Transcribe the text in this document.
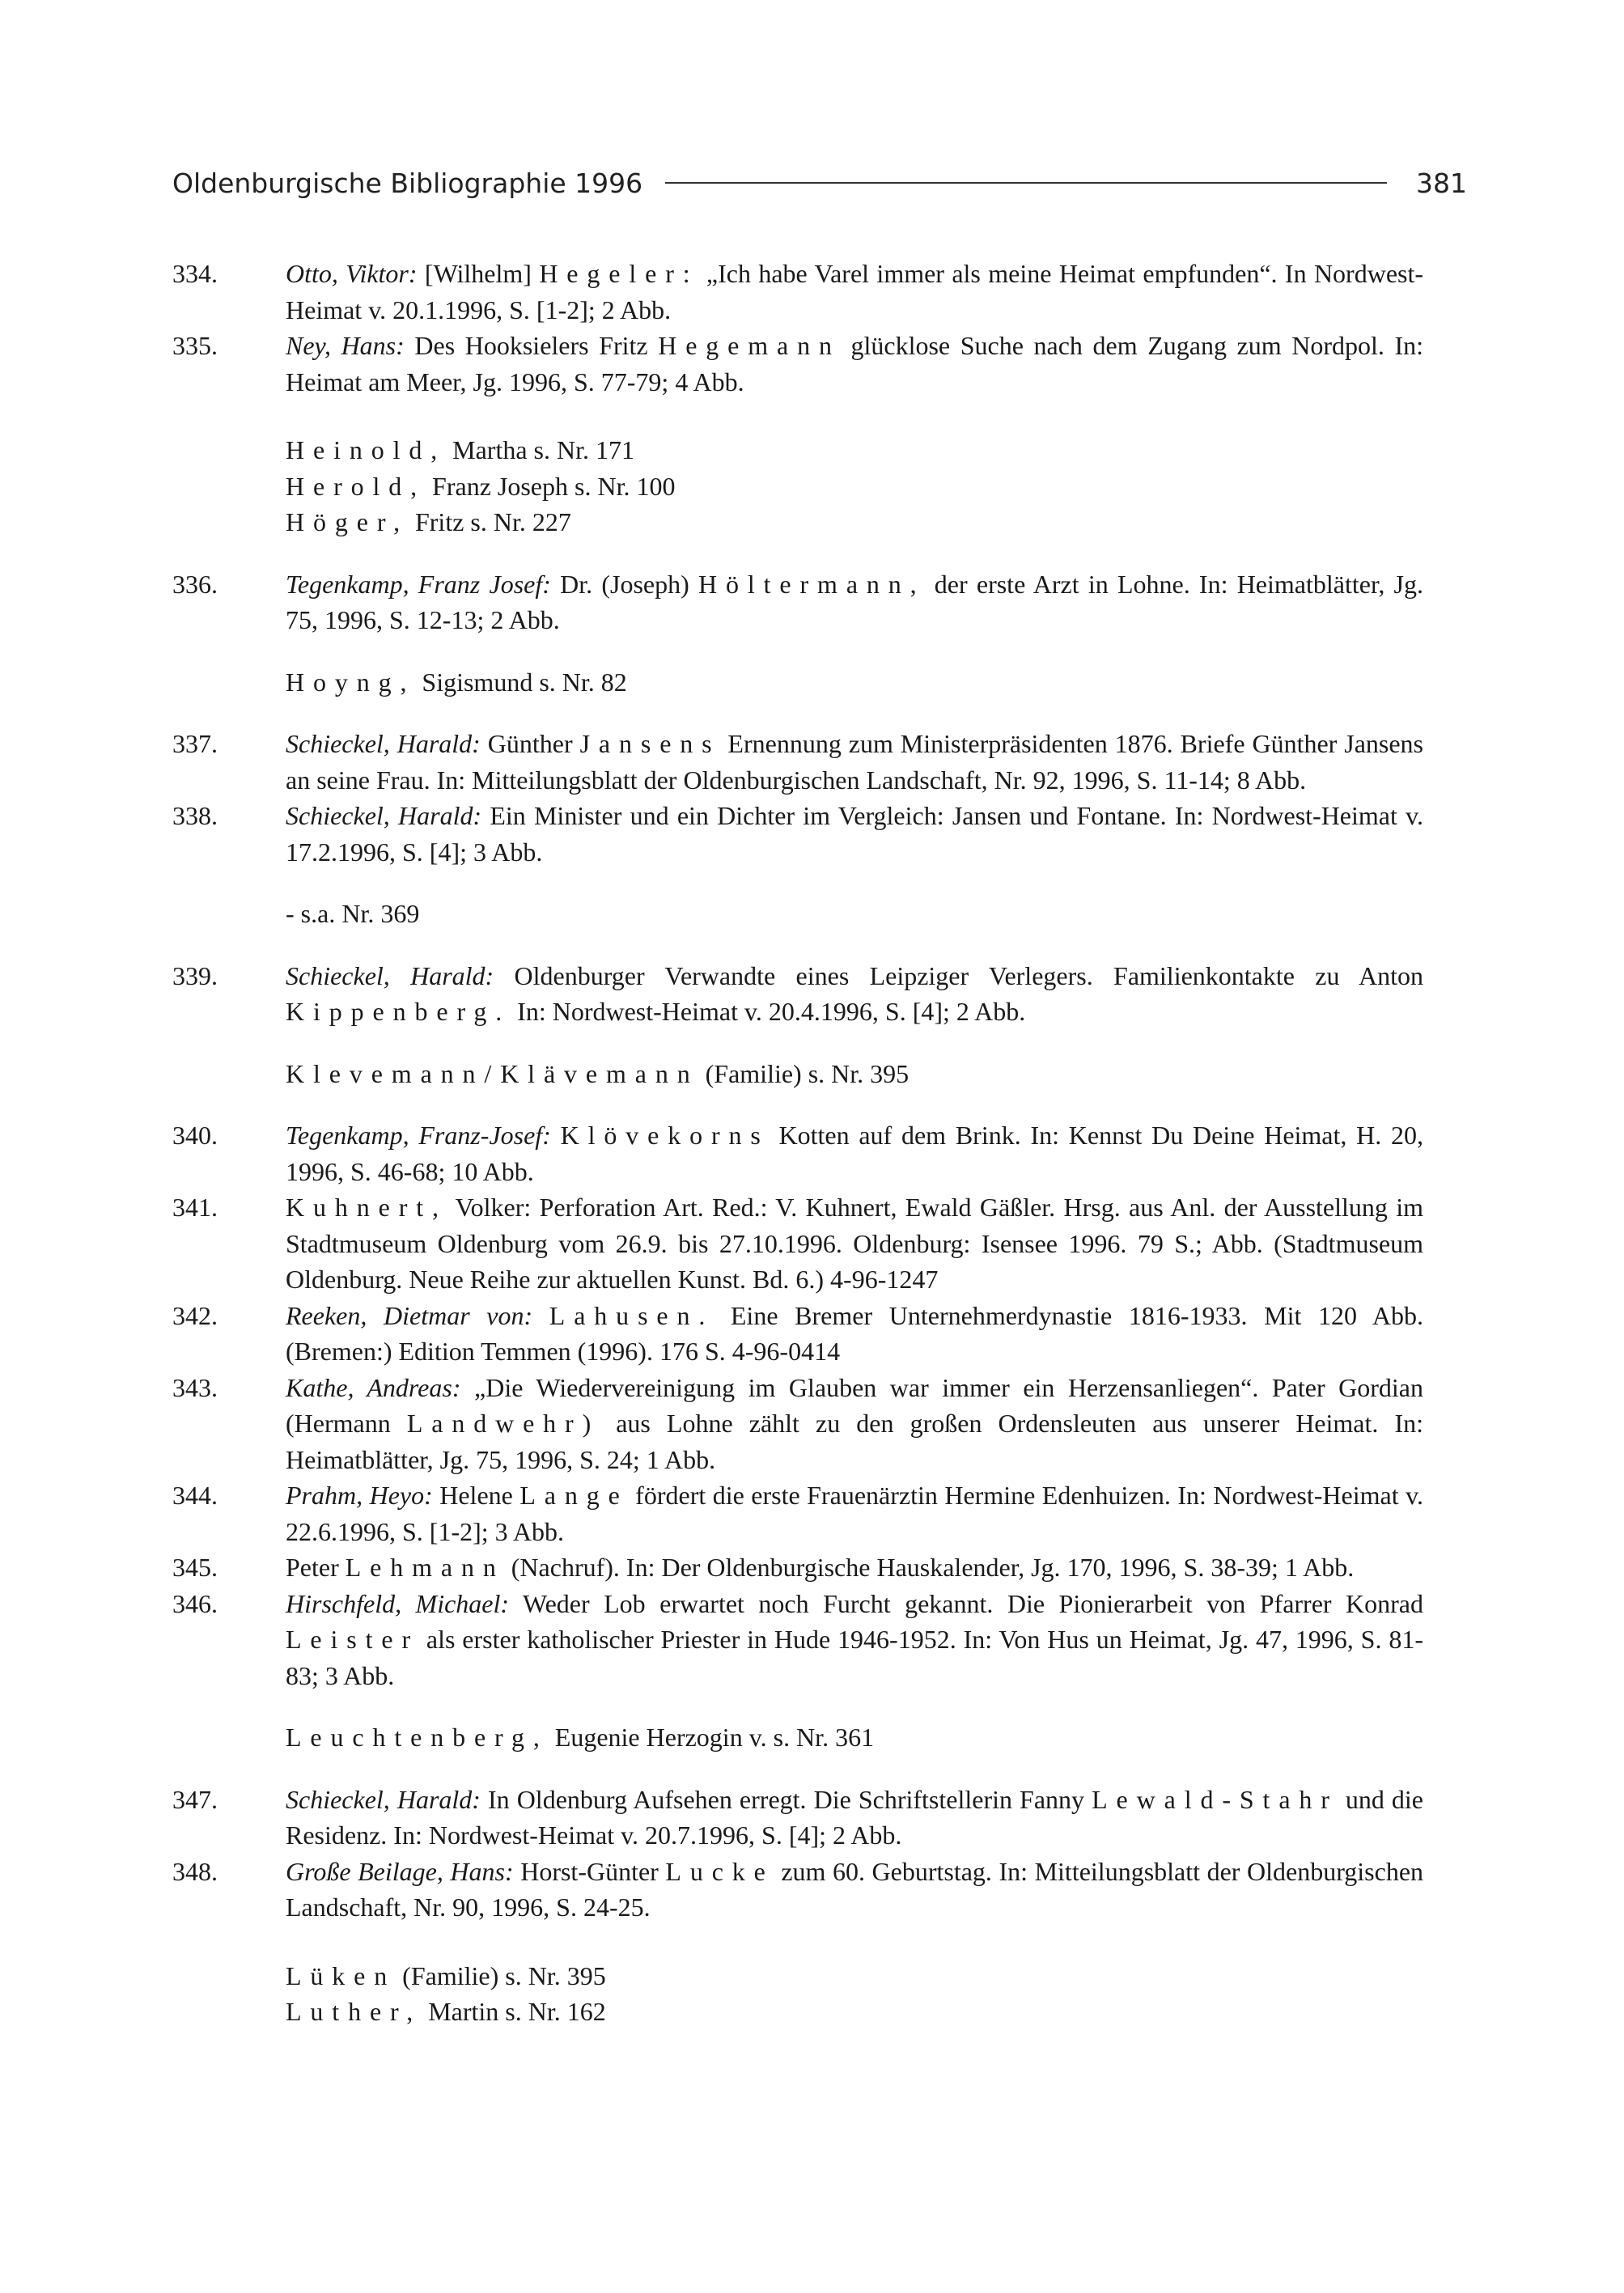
Oldenburgische Bibliographie 1996	381

334.	Otto, Viktor: [Wilhelm] Hegeler: „Ich habe Varel immer als meine Heimat empfunden“. In Nordwest-Heimat v. 20.1.1996, S. [1-2]; 2 Abb.

335.	Ney, Hans: Des Hooksielers Fritz Hegemann glücklose Suche nach dem Zugang zum Nordpol. In: Heimat am Meer, Jg. 1996, S. 77-79; 4 Abb.

Heinold, Martha s. Nr. 171

Herold, Franz Joseph s. Nr. 100

Höger, Fritz s. Nr. 227

336.	Tegenkamp, Franz Josef: Dr. (Joseph) Höltermann, der erste Arzt in Lohne. In: Heimatblätter, Jg. 75, 1996, S. 12-13; 2 Abb.

Hoyng, Sigismund s. Nr. 82

337.	Schieckel, Harald: Günther Jansens Ernennung zum Ministerpräsidenten 1876. Briefe Günther Jansens an seine Frau. In: Mitteilungsblatt der Oldenburgischen Landschaft, Nr. 92, 1996, S. 11-14; 8 Abb.

338.	Schieckel, Harald: Ein Minister und ein Dichter im Vergleich: Jansen und Fontane. In: Nordwest-Heimat v. 17.2.1996, S. [4]; 3 Abb.

- s.a. Nr. 369

339.	Schieckel, Harald: Oldenburger Verwandte eines Leipziger Verlegers. Familienkontakte zu Anton Kippenberg. In: Nordwest-Heimat v. 20.4.1996, S. [4]; 2 Abb.

Klevemann/Klävemann (Familie) s. Nr. 395

340.	Tegenkamp, Franz-Josef: Klövekorns Kotten auf dem Brink. In: Kennst Du Deine Heimat, H. 20, 1996, S. 46-68; 10 Abb.

341.	Kuhnert, Volker: Perforation Art. Red.: V. Kuhnert, Ewald Gäßler. Hrsg. aus Anl. der Ausstellung im Stadtmuseum Oldenburg vom 26.9. bis 27.10.1996. Oldenburg: Isensee 1996. 79 S.; Abb. (Stadtmuseum Oldenburg. Neue Reihe zur aktuellen Kunst. Bd. 6.) 4-96-1247

342.	Reeken, Dietmar von: Lahusen. Eine Bremer Unternehmerdynastie 1816-1933. Mit 120 Abb. (Bremen:) Edition Temmen (1996). 176 S. 4-96-0414

343.	Kathe, Andreas: „Die Wiedervereinigung im Glauben war immer ein Herzensanliegen“. Pater Gordian (Hermann Landwehr) aus Lohne zählt zu den großen Ordensleuten aus unserer Heimat. In: Heimatblätter, Jg. 75, 1996, S. 24; 1 Abb.

344.	Prahm, Heyo: Helene Lange fördert die erste Frauenärztin Hermine Edenhuizen. In: Nordwest-Heimat v. 22.6.1996, S. [1-2]; 3 Abb.

345.	Peter Lehmann (Nachruf). In: Der Oldenburgische Hauskalender, Jg. 170, 1996, S. 38-39; 1 Abb.

346.	Hirschfeld, Michael: Weder Lob erwartet noch Furcht gekannt. Die Pionierarbeit von Pfarrer Konrad Leister als erster katholischer Priester in Hude 1946-1952. In: Von Hus un Heimat, Jg. 47, 1996, S. 81-83; 3 Abb.

Leuchtenberg, Eugenie Herzogin v. s. Nr. 361

347.	Schieckel, Harald: In Oldenburg Aufsehen erregt. Die Schriftstellerin Fanny Lewald-Stahr und die Residenz. In: Nordwest-Heimat v. 20.7.1996, S. [4]; 2 Abb.

348.	Große Beilage, Hans: Horst-Günter Lucke zum 60. Geburtstag. In: Mitteilungsblatt der Oldenburgischen Landschaft, Nr. 90, 1996, S. 24-25.

Lüken (Familie) s. Nr. 395

Luther, Martin s. Nr. 162
